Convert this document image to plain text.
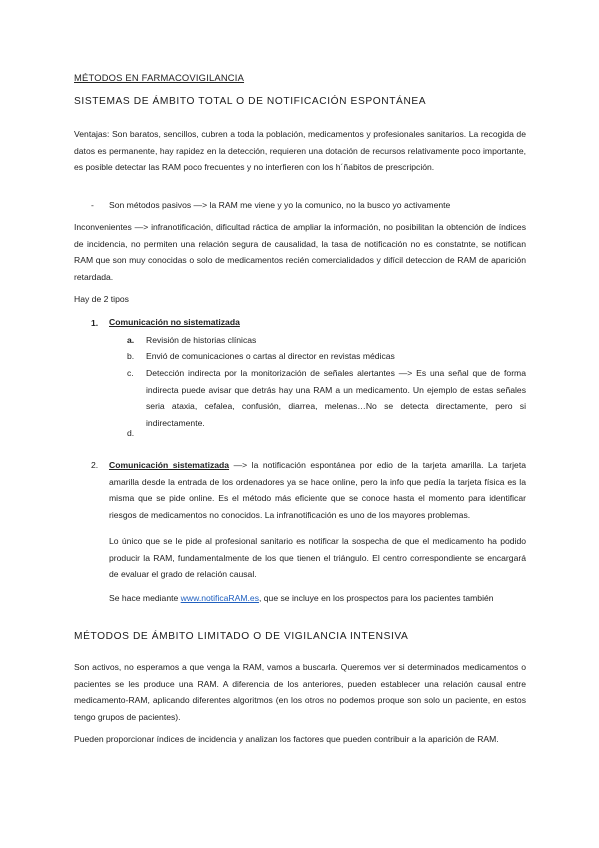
MÉTODOS EN FARMACOVIGILANCIA
SISTEMAS DE ÁMBITO TOTAL O DE NOTIFICACIÓN ESPONTÁNEA

Ventajas: Son baratos, sencillos, cubren a toda la población, medicamentos y profesionales sanitarios. La recogida de datos es permanente, hay rapidez en la detección, requieren una dotación de recursos relativamente poco importante, es posible detectar las RAM poco frecuentes y no interfieren con los h´ñabitos de prescripción.

- Son métodos pasivos —> la RAM me viene y yo la comunico, no la busco yo activamente

Inconvenientes —> infranotificación, dificultad ráctica de ampliar la información, no posibilitan la obtención de índices de incidencia, no permiten una relación segura de causalidad, la tasa de notificación no es constatnte, se notifican RAM que son muy conocidas o solo de medicamentos recién comercialidados y difícil deteccion de RAM de aparición retardada.

Hay de 2 tipos
1. Comunicación no sistematizada
a. Revisión de historias clínicas
b. Envió de comunicaciones o cartas al director en revistas médicas
c. Detección indirecta por la monitorización de señales alertantes —> Es una señal que de forma indirecta puede avisar que detrás hay una RAM a un medicamento. Un ejemplo de estas señales seria ataxia, cefalea, confusión, diarrea, melenas…No se detecta directamente, pero si indirectamente.
d.
2. Comunicación sistematizada —> la notificación espontánea por edio de la tarjeta amarilla. La tarjeta amarilla desde la entrada de los ordenadores ya se hace online, pero la info que pedía la tarjeta física es la misma que se pide online. Es el método más eficiente que se conoce hasta el momento para identificar riesgos de medicamentos no conocidos. La infranotificación es uno de los mayores problemas.
Lo único que se le pide al profesional sanitario es notificar la sospecha de que el medicamento ha podido producir la RAM, fundamentalmente de los que tienen el triángulo. El centro correspondiente se encargará de evaluar el grado de relación causal.
Se hace mediante www.notificaRAM.es, que se incluye en los prospectos para los pacientes también
MÉTODOS DE ÁMBITO LIMITADO O DE VIGILANCIA INTENSIVA

Son activos, no esperamos a que venga la RAM, vamos a buscarla. Queremos ver si determinados medicamentos o pacientes se les produce una RAM. A diferencia de los anteriores, pueden establecer una relación causal entre medicamento-RAM, aplicando diferentes algoritmos (en los otros no podemos proque son solo un paciente, en estos tengo grupos de pacientes).

Pueden proporcionar índices de incidencia y analizan los factores que pueden contribuir a la aparición de RAM.
